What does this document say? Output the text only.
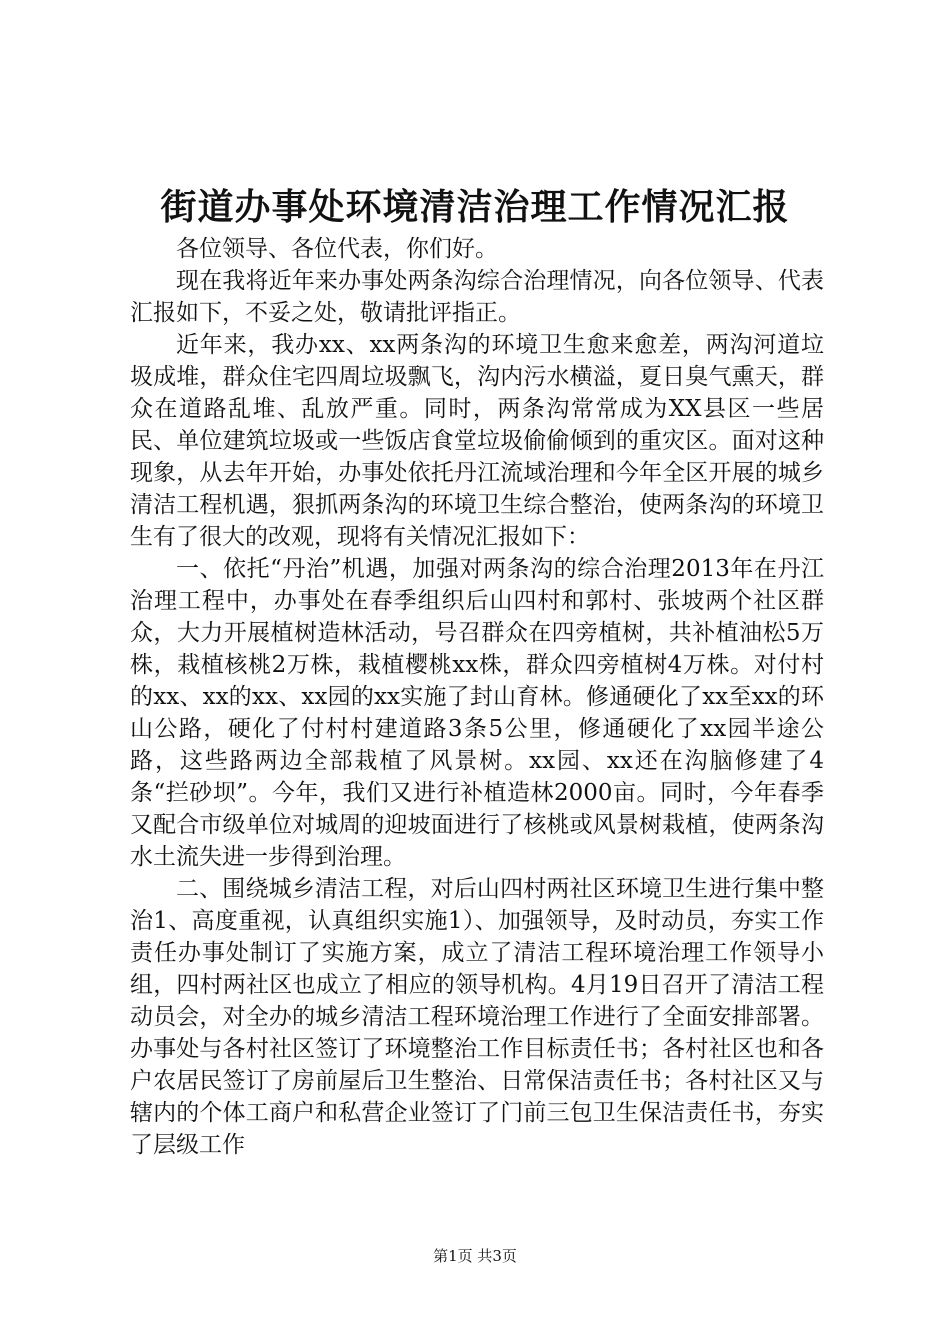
街道办事处环境清洁治理工作情况汇报

各位领导、各位代表，你们好。

现在我将近年来办事处两条沟综合治理情况，向各位领导、代表汇报如下，不妥之处，敬请批评指正。

近年来，我办xx、xx两条沟的环境卫生愈来愈差，两沟河道垃圾成堆，群众住宅四周垃圾飘飞，沟内污水横溢，夏日臭气熏天，群众在道路乱堆、乱放严重。同时，两条沟常常成为XX县区一些居民、单位建筑垃圾或一些饭店食堂垃圾偷偷倾到的重灾区。面对这种现象，从去年开始，办事处依托丹江流域治理和今年全区开展的城乡清洁工程机遇，狠抓两条沟的环境卫生综合整治，使两条沟的环境卫生有了很大的改观，现将有关情况汇报如下：

一、依托“丹治”机遇，加强对两条沟的综合治理2013年在丹江治理工程中，办事处在春季组织后山四村和郭村、张坡两个社区群众，大力开展植树造林活动，号召群众在四旁植树，共补植油松5万株，栽植核桃2万株，栽植樱桃xx株，群众四旁植树4万株。对付村的xx、xx的xx、xx园的xx实施了封山育林。修通硬化了xx至xx的环山公路，硬化了付村村建道路3条5公里，修通硬化了xx园半途公路，这些路两边全部栽植了风景树。xx园、xx还在沟脑修建了4条“拦砂坝”。今年，我们又进行补植造林2000亩。同时，今年春季又配合市级单位对城周的迎坡面进行了核桃或风景树栽植，使两条沟水土流失进一步得到治理。

二、围绕城乡清洁工程，对后山四村两社区环境卫生进行集中整治1、高度重视，认真组织实施1）、加强领导，及时动员，夯实工作责任办事处制订了实施方案，成立了清洁工程环境治理工作领导小组，四村两社区也成立了相应的领导机构。4月19日召开了清洁工程动员会，对全办的城乡清洁工程环境治理工作进行了全面安排部署。办事处与各村社区签订了环境整治工作目标责任书；各村社区也和各户农居民签订了房前屋后卫生整治、日常保洁责任书；各村社区又与辖内的个体工商户和私营企业签订了门前三包卫生保洁责任书，夯实了层级工作

第1页 共3页
